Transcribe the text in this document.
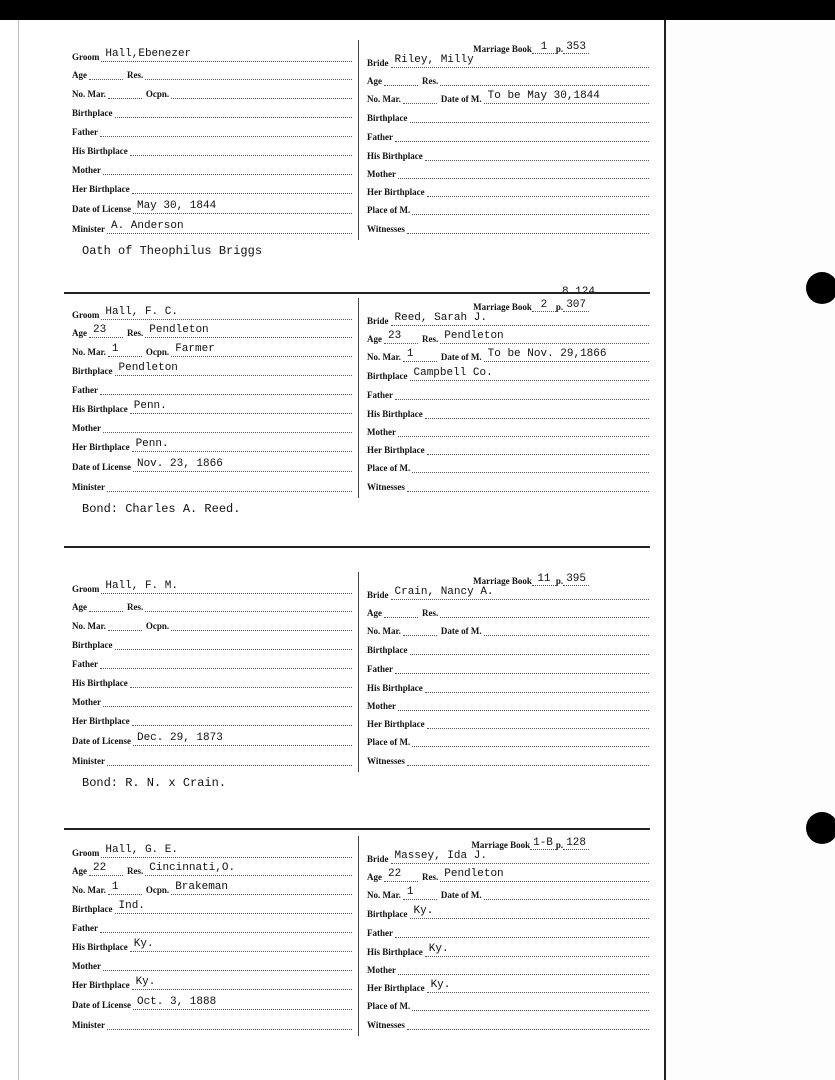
Groom Hall,Ebenezer
Age	Res.
No. Mar.	Ocpn.
Birthplace
Father
His Birthplace
Mother
Her Birthplace
Date of License May 30, 1844
Minister A. Anderson
Marriage Book 1 p. 353
Bride Riley, Milly
Age	Res.
No. Mar.	Date of M. To be May 30,1844
Birthplace
Father
His Birthplace
Mother
Her Birthplace
Place of M.
Witnesses
Oath of Theophilus Briggs
Groom Hall, F. C.
Age 23	Res. Pendleton
No. Mar. 1	Ocpn. Farmer
Birthplace Pendleton
Father
His Birthplace Penn.
Mother
Her Birthplace Penn.
Date of License Nov. 23, 1866
Minister
Marriage Book 2 p. 307
Bride Reed, Sarah J.
Age 23	Res. Pendleton
No. Mar. 1	Date of M. To be Nov. 29,1866
Birthplace Campbell Co.
Father
His Birthplace
Mother
Her Birthplace
Place of M.
Witnesses
Bond: Charles A. Reed.
Groom Hall, F. M.
Age	Res.
No. Mar.	Ocpn.
Birthplace
Father
His Birthplace
Mother
Her Birthplace
Date of License Dec. 29, 1873
Minister
Marriage Book 11 p. 395
Bride Crain, Nancy A.
Age	Res.
No. Mar.	Date of M.
Birthplace
Father
His Birthplace
Mother
Her Birthplace
Place of M.
Witnesses
Bond: R. N. x Crain.
Groom Hall, G. E.
Age 22	Res. Cincinnati,O.
No. Mar. 1	Ocpn. Brakeman
Birthplace Ind.
Father
His Birthplace Ky.
Mother
Her Birthplace Ky.
Date of License Oct. 3, 1888
Minister
Marriage Book 1-B p. 128
Bride Massey, Ida J.
Age 22	Res. Pendleton
No. Mar. 1	Date of M.
Birthplace Ky.
Father
His Birthplace Ky.
Mother
Her Birthplace Ky.
Place of M.
Witnesses
